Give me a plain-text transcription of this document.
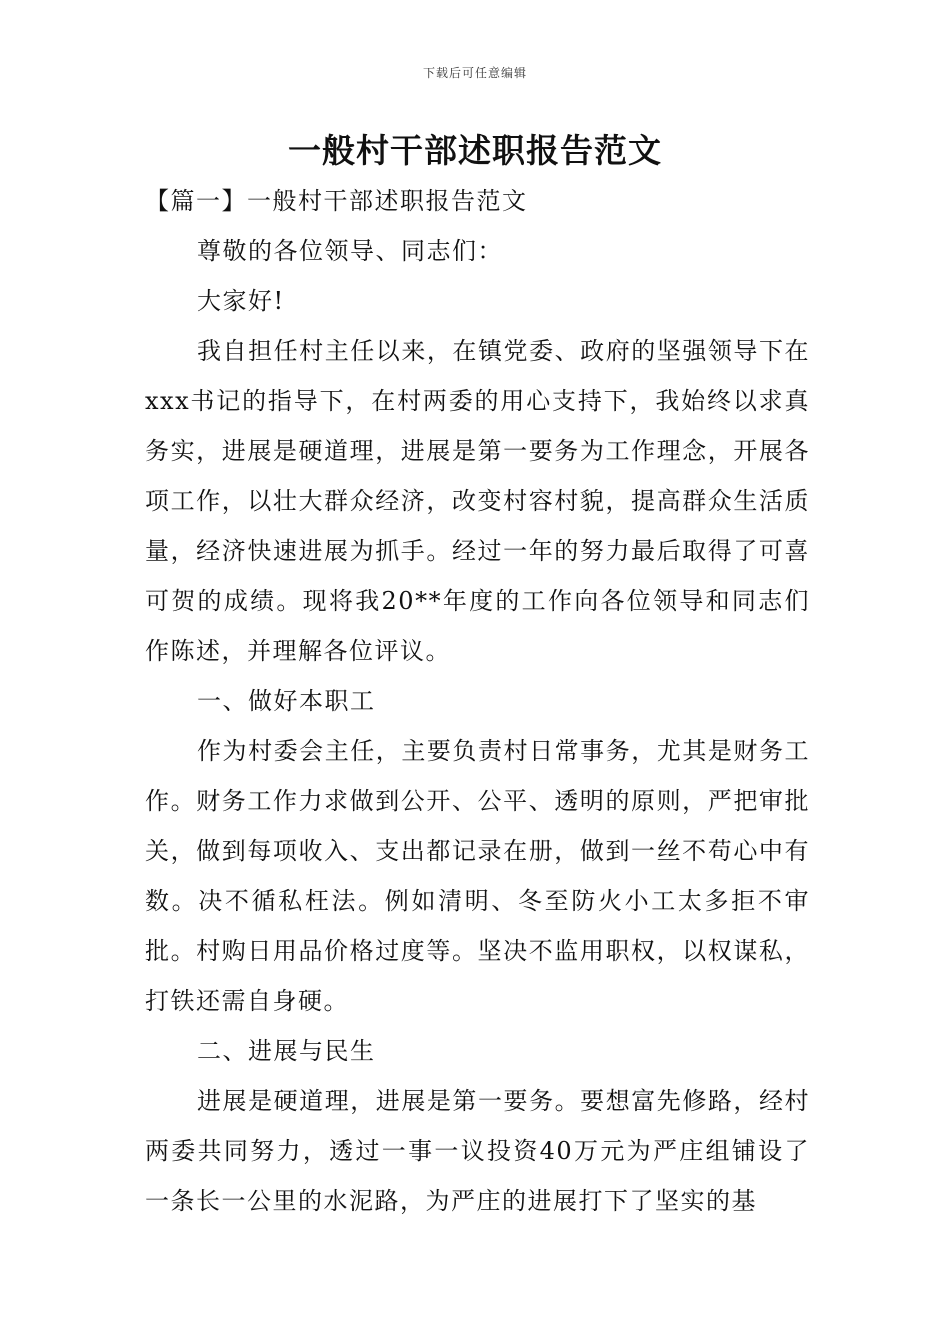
下载后可任意编辑
一般村干部述职报告范文

【篇一】一般村干部述职报告范文

尊敬的各位领导、同志们：

大家好!

我自担任村主任以来，在镇党委、政府的坚强领导下在xxx书记的指导下，在村两委的用心支持下，我始终以求真务实，进展是硬道理，进展是第一要务为工作理念，开展各项工作，以壮大群众经济，改变村容村貌，提高群众生活质量，经济快速进展为抓手。经过一年的努力最后取得了可喜可贺的成绩。现将我20**年度的工作向各位领导和同志们作陈述，并理解各位评议。

一、做好本职工

作为村委会主任，主要负责村日常事务，尤其是财务工作。财务工作力求做到公开、公平、透明的原则，严把审批关，做到每项收入、支出都记录在册，做到一丝不苟心中有数。决不循私枉法。例如清明、冬至防火小工太多拒不审批。村购日用品价格过度等。坚决不监用职权，以权谋私，打铁还需自身硬。

二、进展与民生

进展是硬道理，进展是第一要务。要想富先修路，经村两委共同努力，透过一事一议投资40万元为严庄组铺设了一条长一公里的水泥路，为严庄的进展打下了坚实的基
